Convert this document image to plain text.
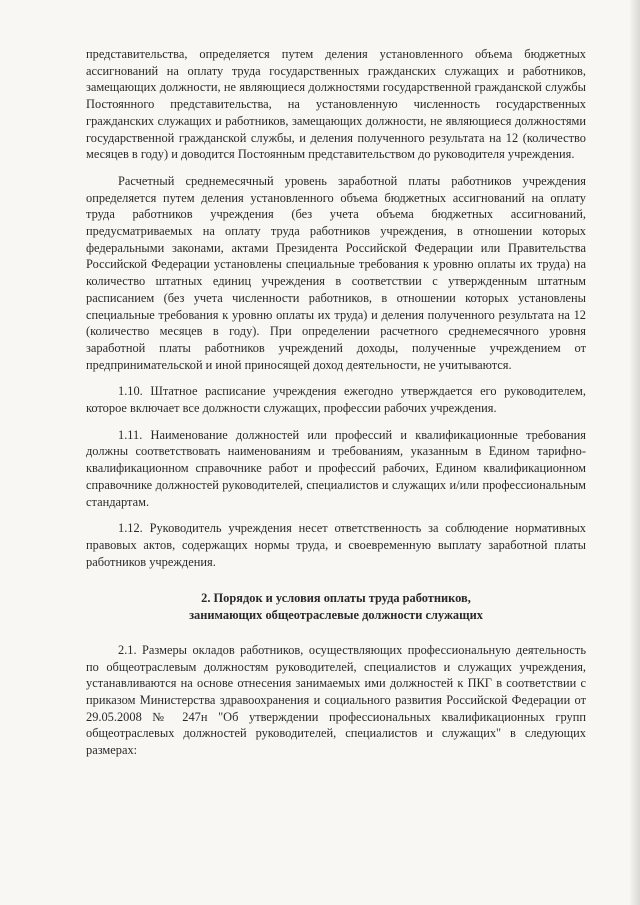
представительства, определяется путем деления установленного объема бюджетных ассигнований на оплату труда государственных гражданских служащих и работников, замещающих должности, не являющиеся должностями государственной гражданской службы Постоянного представительства, на установленную численность государственных гражданских служащих и работников, замещающих должности, не являющиеся должностями государственной гражданской службы, и деления полученного результата на 12 (количество месяцев в году) и доводится Постоянным представительством до руководителя учреждения.

Расчетный среднемесячный уровень заработной платы работников учреждения определяется путем деления установленного объема бюджетных ассигнований на оплату труда работников учреждения (без учета объема бюджетных ассигнований, предусматриваемых на оплату труда работников учреждения, в отношении которых федеральными законами, актами Президента Российской Федерации или Правительства Российской Федерации установлены специальные требования к уровню оплаты их труда) на количество штатных единиц учреждения в соответствии с утвержденным штатным расписанием (без учета численности работников, в отношении которых установлены специальные требования к уровню оплаты их труда) и деления полученного результата на 12 (количество месяцев в году). При определении расчетного среднемесячного уровня заработной платы работников учреждений доходы, полученные учреждением от предпринимательской и иной приносящей доход деятельности, не учитываются.

1.10. Штатное расписание учреждения ежегодно утверждается его руководителем, которое включает все должности служащих, профессии рабочих учреждения.

1.11. Наименование должностей или профессий и квалификационные требования должны соответствовать наименованиям и требованиям, указанным в Едином тарифно-квалификационном справочнике работ и профессий рабочих, Едином квалификационном справочнике должностей руководителей, специалистов и служащих и/или профессиональным стандартам.

1.12. Руководитель учреждения несет ответственность за соблюдение нормативных правовых актов, содержащих нормы труда, и своевременную выплату заработной платы работников учреждения.

2. Порядок и условия оплаты труда работников,
занимающих общеотраслевые должности служащих

2.1. Размеры окладов работников, осуществляющих профессиональную деятельность по общеотраслевым должностям руководителей, специалистов и служащих учреждения, устанавливаются на основе отнесения занимаемых ими должностей к ПКГ в соответствии с приказом Министерства здравоохранения и социального развития Российской Федерации от 29.05.2008 № 247н "Об утверждении профессиональных квалификационных групп общеотраслевых должностей руководителей, специалистов и служащих" в следующих размерах:
